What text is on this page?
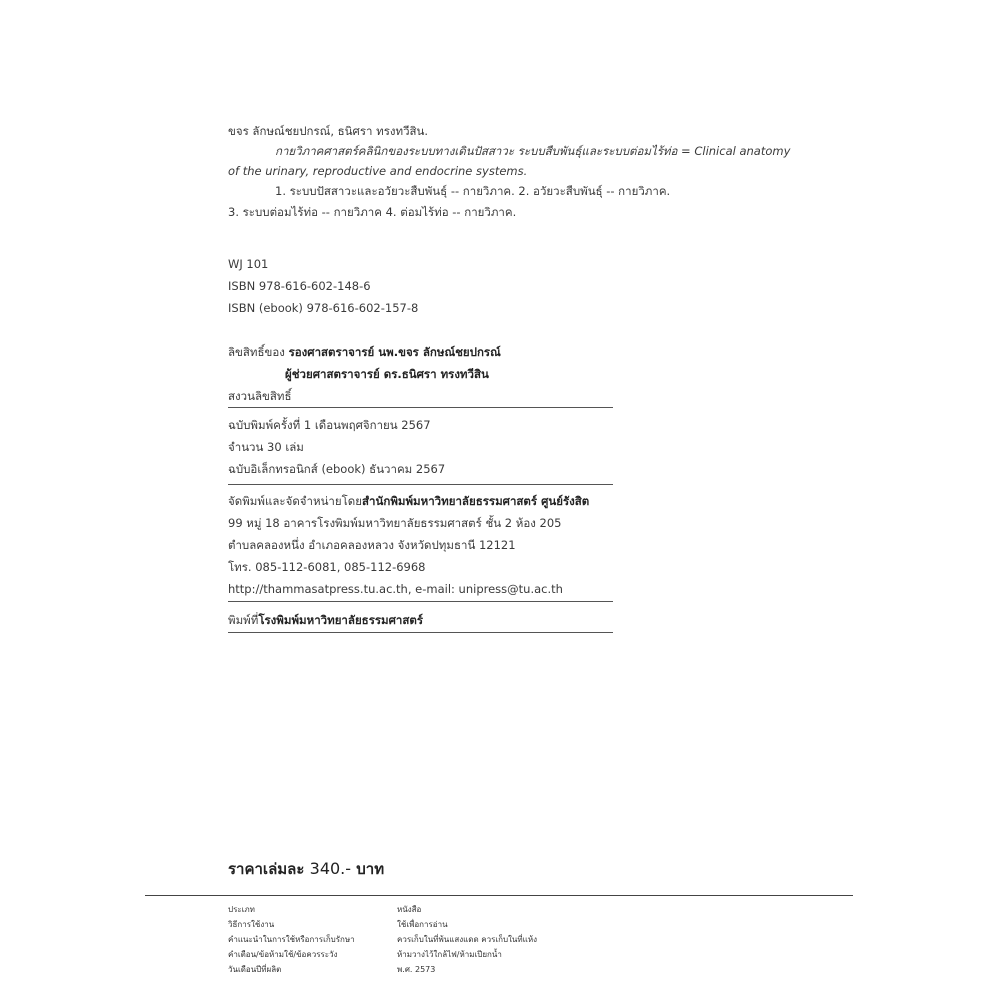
ขจร ลักษณ์ชยปกรณ์, ธนิศรา ทรงทวีสิน.
กายวิภาคศาสตร์คลินิกของระบบทางเดินปัสสาวะ ระบบสืบพันธุ์และระบบต่อมไร้ท่อ = Clinical anatomy
of the urinary, reproductive and endocrine systems.
1. ระบบปัสสาวะและอวัยวะสืบพันธุ์ -- กายวิภาค. 2. อวัยวะสืบพันธุ์ -- กายวิภาค.
3. ระบบต่อมไร้ท่อ -- กายวิภาค 4. ต่อมไร้ท่อ -- กายวิภาค.
WJ 101
ISBN 978-616-602-148-6
ISBN (ebook) 978-616-602-157-8
ลิขสิทธิ์ของ รองศาสตราจารย์ นพ.ขจร ลักษณ์ชยปกรณ์
ผู้ช่วยศาสตราจารย์ ดร.ธนิศรา ทรงทวีสิน
สงวนลิขสิทธิ์
ฉบับพิมพ์ครั้งที่ 1 เดือนพฤศจิกายน 2567
จำนวน 30 เล่ม
ฉบับอิเล็กทรอนิกส์ (ebook) ธันวาคม 2567
จัดพิมพ์และจัดจำหน่ายโดยสำนักพิมพ์มหาวิทยาลัยธรรมศาสตร์ ศูนย์รังสิต
99 หมู่ 18 อาคารโรงพิมพ์มหาวิทยาลัยธรรมศาสตร์ ชั้น 2 ห้อง 205
ตำบลคลองหนึ่ง อำเภอคลองหลวง จังหวัดปทุมธานี 12121
โทร. 085-112-6081, 085-112-6968
http://thammasatpress.tu.ac.th, e-mail: unipress@tu.ac.th
พิมพ์ที่โรงพิมพ์มหาวิทยาลัยธรรมศาสตร์
ราคาเล่มละ 340.- บาท
ประเภท
วิธีการใช้งาน
คำแนะนำในการใช้หรือการเก็บรักษา
คำเตือน/ข้อห้ามใช้/ข้อควรระวัง
วันเดือนปีที่ผลิต
หนังสือ
ใช้เพื่อการอ่าน
ควรเก็บในที่พ้นแสงแดด ควรเก็บในที่แห้ง
ห้ามวางไว้ใกล้ไฟ/ห้ามเปียกน้ำ
พ.ศ. 2573
